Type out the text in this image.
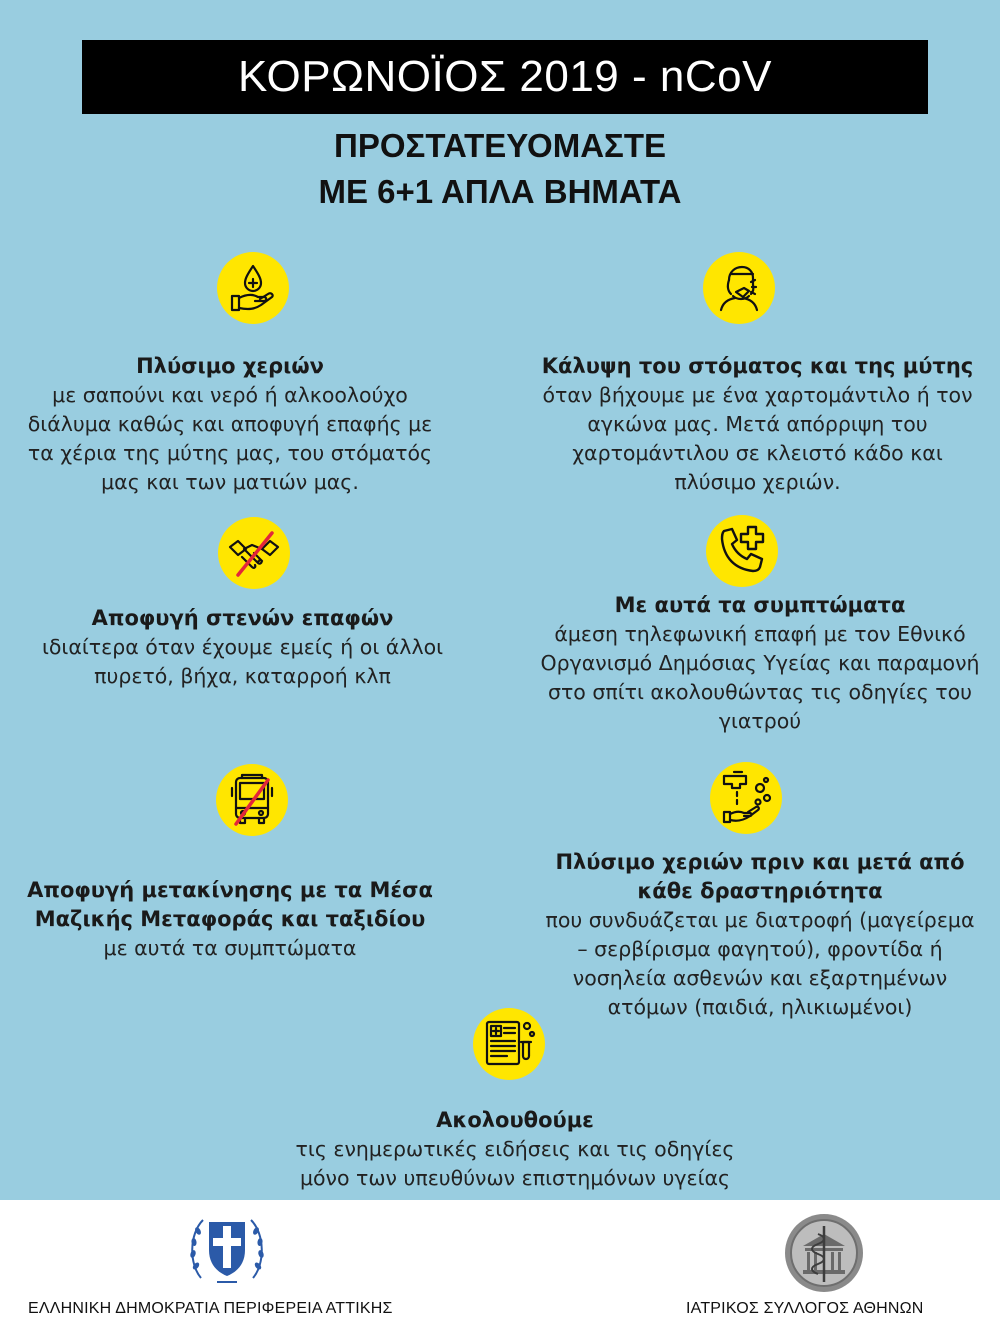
ΚΟΡΩΝΟΪΟΣ 2019 - nCoV

ΠΡΟΣΤΑΤΕΥΟΜΑΣΤΕ

ΜΕ 6+1 ΑΠΛΑ ΒΗΜΑΤΑ

Πλύσιμο χεριών
με σαπούνι και νερό ή αλκοολούχο
διάλυμα καθώς και αποφυγή επαφής με
τα χέρια της μύτης μας, του στόματός
μας και των ματιών μας.
Κάλυψη του στόματος και της μύτης
όταν βήχουμε με ένα χαρτομάντιλο ή τον
αγκώνα μας. Μετά απόρριψη του
χαρτομάντιλου σε κλειστό κάδο και
πλύσιμο χεριών.
Αποφυγή στενών επαφών
ιδιαίτερα όταν έχουμε εμείς ή οι άλλοι
πυρετό, βήχα, καταρροή κλπ
Με αυτά τα συμπτώματα
άμεση τηλεφωνική επαφή με τον Εθνικό
Οργανισμό Δημόσιας Υγείας και παραμονή
στο σπίτι ακολουθώντας τις οδηγίες του
γιατρού
Αποφυγή μετακίνησης με τα Μέσα
Μαζικής Μεταφοράς και ταξιδίου
με αυτά τα συμπτώματα
Πλύσιμο χεριών πριν και μετά από
κάθε δραστηριότητα
που συνδυάζεται με διατροφή (μαγείρεμα
– σερβίρισμα φαγητού), φροντίδα ή
νοσηλεία ασθενών και εξαρτημένων
ατόμων (παιδιά, ηλικιωμένοι)
Ακολουθούμε
τις ενημερωτικές ειδήσεις και τις οδηγίες
μόνο των υπευθύνων επιστημόνων υγείας
ΕΛΛΗΝΙΚΗ ΔΗΜΟΚΡΑΤΙΑ ΠΕΡΙΦΕΡΕΙΑ ΑΤΤΙΚΗΣ	ΙΑΤΡΙΚΟΣ ΣΥΛΛΟΓΟΣ ΑΘΗΝΩΝ
